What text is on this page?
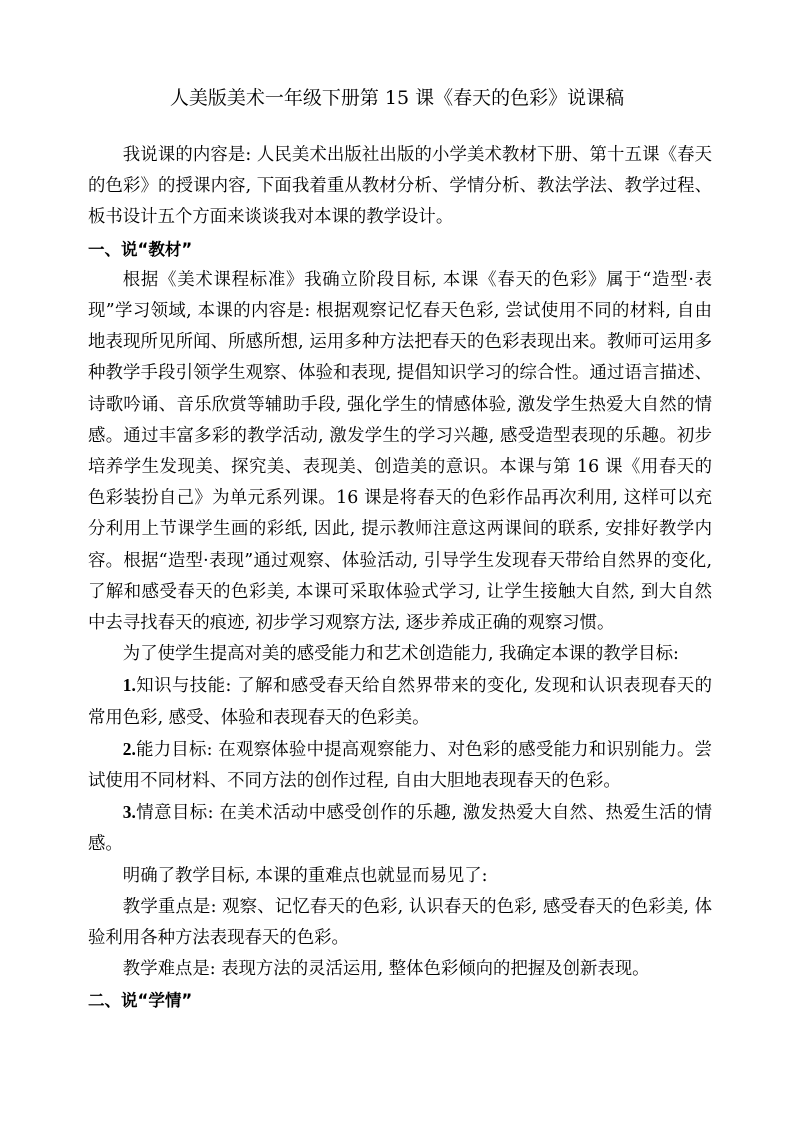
人美版美术一年级下册第 15 课《春天的色彩》说课稿

我说课的内容是: 人民美术出版社出版的小学美术教材下册、第十五课《春天的色彩》的授课内容, 下面我着重从教材分析、学情分析、教法学法、教学过程、板书设计五个方面来谈谈我对本课的教学设计。

一、说“教材”

根据《美术课程标准》我确立阶段目标, 本课《春天的色彩》属于“造型·表现”学习领域, 本课的内容是: 根据观察记忆春天色彩, 尝试使用不同的材料, 自由地表现所见所闻、所感所想, 运用多种方法把春天的色彩表现出来。教师可运用多种教学手段引领学生观察、体验和表现, 提倡知识学习的综合性。通过语言描述、诗歌吟诵、音乐欣赏等辅助手段, 强化学生的情感体验, 激发学生热爱大自然的情感。通过丰富多彩的教学活动, 激发学生的学习兴趣, 感受造型表现的乐趣。初步培养学生发现美、探究美、表现美、创造美的意识。本课与第 16 课《用春天的色彩装扮自己》为单元系列课。16 课是将春天的色彩作品再次利用, 这样可以充分利用上节课学生画的彩纸, 因此, 提示教师注意这两课间的联系, 安排好教学内容。根据“造型·表现”通过观察、体验活动, 引导学生发现春天带给自然界的变化, 了解和感受春天的色彩美, 本课可采取体验式学习, 让学生接触大自然, 到大自然中去寻找春天的痕迹, 初步学习观察方法, 逐步养成正确的观察习惯。

为了使学生提高对美的感受能力和艺术创造能力, 我确定本课的教学目标:

1.知识与技能: 了解和感受春天给自然界带来的变化, 发现和认识表现春天的常用色彩, 感受、体验和表现春天的色彩美。

2.能力目标: 在观察体验中提高观察能力、对色彩的感受能力和识别能力。尝试使用不同材料、不同方法的创作过程, 自由大胆地表现春天的色彩。

3.情意目标: 在美术活动中感受创作的乐趣, 激发热爱大自然、热爱生活的情感。

明确了教学目标, 本课的重难点也就显而易见了:

教学重点是: 观察、记忆春天的色彩, 认识春天的色彩, 感受春天的色彩美, 体验利用各种方法表现春天的色彩。

教学难点是: 表现方法的灵活运用, 整体色彩倾向的把握及创新表现。

二、说“学情”
